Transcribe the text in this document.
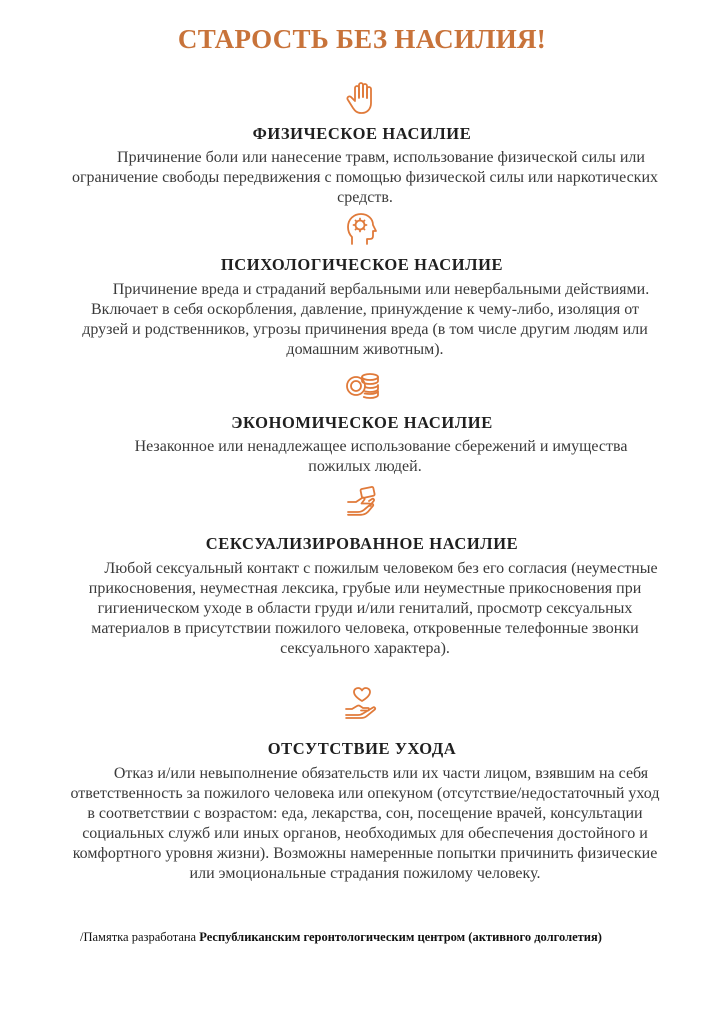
СТАРОСТЬ БЕЗ НАСИЛИЯ!
ФИЗИЧЕСКОЕ НАСИЛИЕ

Причинение боли или нанесение травм, использование физической силы или ограничение свободы передвижения с помощью физической силы или наркотических средств.

ПСИХОЛОГИЧЕСКОЕ НАСИЛИЕ

Причинение вреда и страданий вербальными или невербальными действиями. Включает в себя оскорбления, давление, принуждение к чему-либо, изоляция от друзей и родственников, угрозы причинения вреда (в том числе другим людям или домашним животным).

ЭКОНОМИЧЕСКОЕ НАСИЛИЕ

Незаконное или ненадлежащее использование сбережений и имущества пожилых людей.

СЕКСУАЛИЗИРОВАННОЕ НАСИЛИЕ

Любой сексуальный контакт с пожилым человеком без его согласия (неуместные прикосновения, неуместная лексика, грубые или неуместные прикосновения при гигиеническом уходе в области груди и/или гениталий, просмотр сексуальных материалов в присутствии пожилого человека, откровенные телефонные звонки сексуального характера).

ОТСУТСТВИЕ УХОДА

Отказ и/или невыполнение обязательств или их части лицом, взявшим на себя ответственность за пожилого человека или опекуном (отсутствие/недостаточный уход в соответствии с возрастом: еда, лекарства, сон, посещение врачей, консультации социальных служб или иных органов, необходимых для обеспечения достойного и комфортного уровня жизни). Возможны намеренные попытки причинить физические или эмоциональные страдания пожилому человеку.

/Памятка разработана Республиканским геронтологическим центром (активного долголетия)
